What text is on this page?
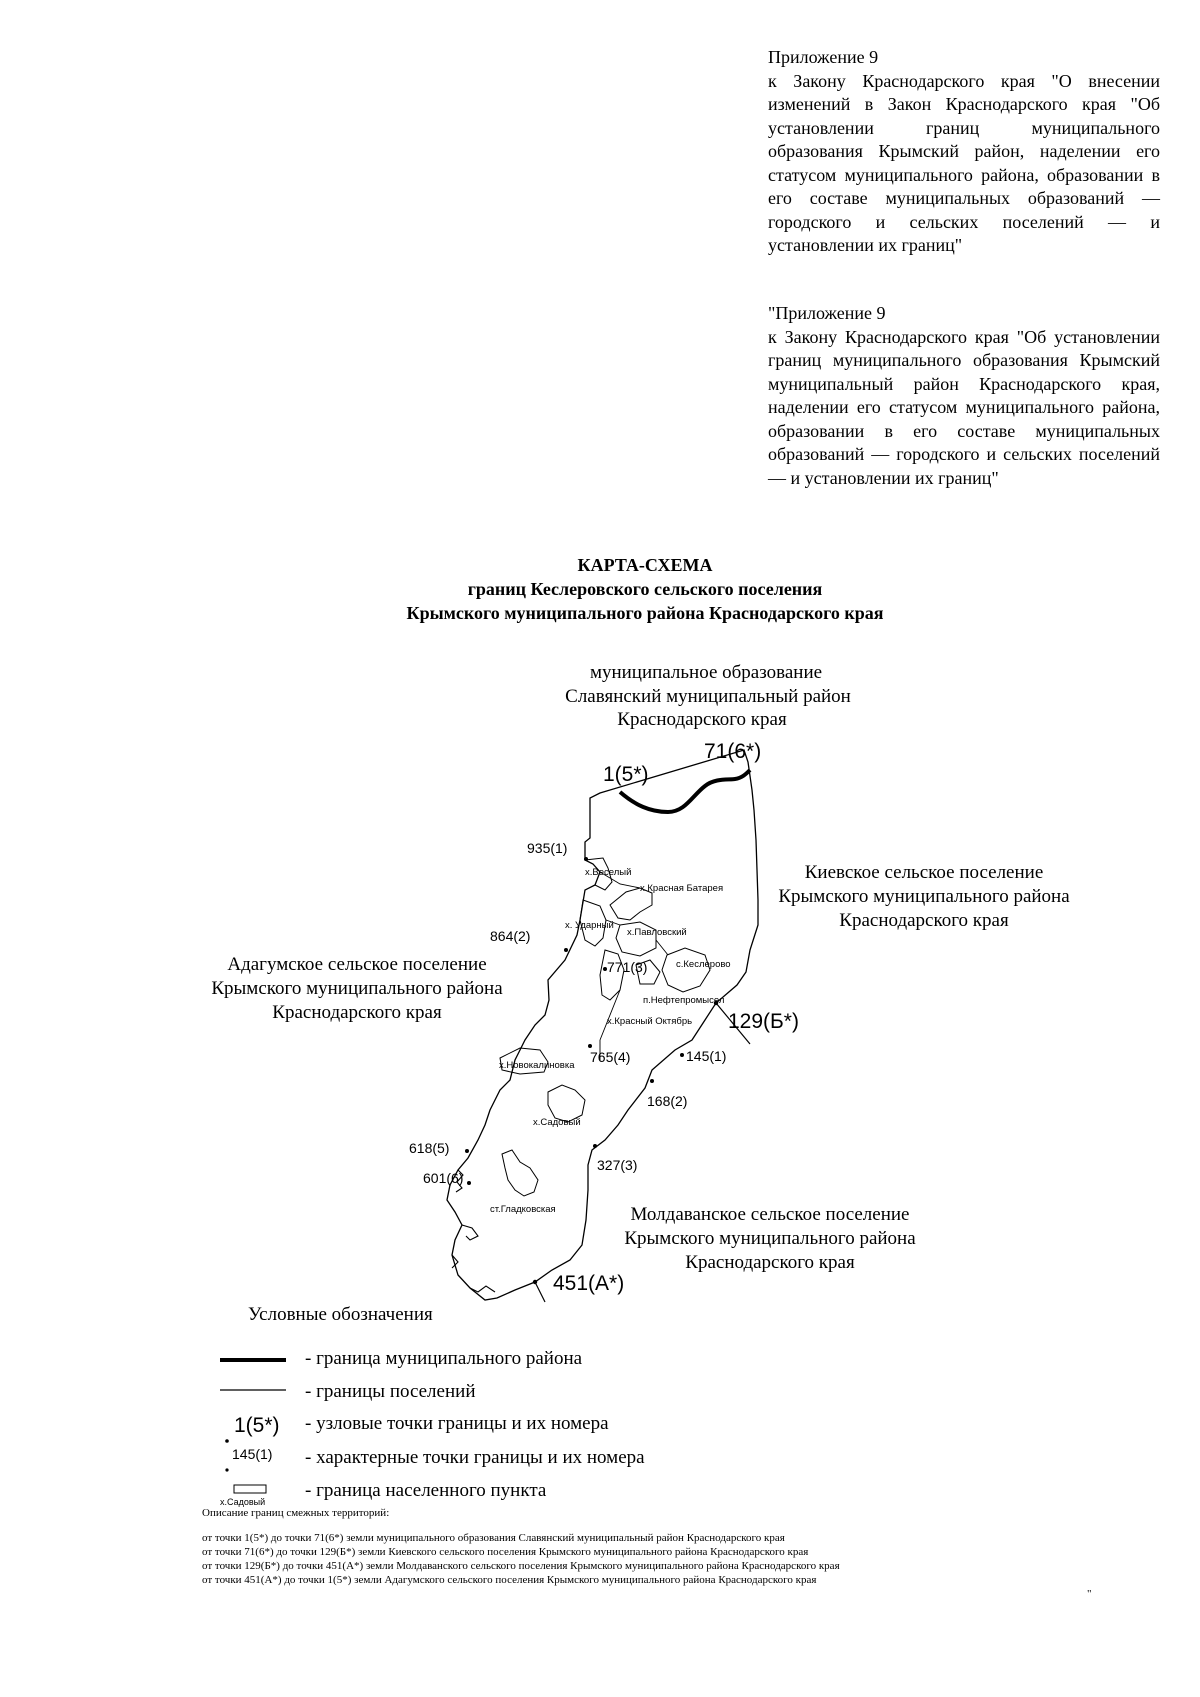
Приложение 9

к Закону Краснодарского края "О внесении изменений в Закон Краснодарского края "Об установлении границ муниципального образования Крымский район, наделении его статусом муниципального района, образовании в его составе муниципальных образований — городского и сельских поселений — и установлении их границ"

"Приложение 9

к Закону Краснодарского края "Об установлении границ муниципального образования Крымский муниципальный район Краснодарского края, наделении его статусом муниципального района, образовании в его составе муниципальных образований — городского и сельских поселений — и установлении их границ"

КАРТА-СХЕМА
границ Кеслеровского сельского поселения
Крымского муниципального района Краснодарского края
муниципальное образование
Славянский муниципальный район
Краснодарского края
Киевское сельское поселение
Крымского муниципального района
Краснодарского края
Адагумское сельское поселение
Крымского муниципального района
Краснодарского края
Молдаванское сельское поселение
Крымского муниципального района
Краснодарского края
1(5*)
71(6*)
129(Б*)
451(А*)
935(1)
864(2)
771(3)
765(4)	145(1)
168(2)
327(3)
618(5)
601(6)
х.Веселый
х.Красная Батарея
х. Ударный
х.Павловский
с.Кеслерово
п.Нефтепромысел
х.Красный Октябрь
х.Новокалиновка
х.Садовый
ст.Гладковская
Условные обозначения
- граница муниципального района
- границы поселений
1(5*) - узловые точки границы и их номера
145(1) - характерные точки границы и их номера
х.Садовый
- граница населенного пункта
Описание границ смежных территорий:
от точки 1(5*) до точки 71(6*) земли муниципального образования Славянский муниципальный район Краснодарского края
от точки 71(6*) до точки 129(Б*) земли Киевского сельского поселения Крымского муниципального района Краснодарского края
от точки 129(Б*) до точки 451(А*) земли Молдаванского сельского поселения Крымского муниципального района Краснодарского края
от точки 451(А*) до точки 1(5*) земли Адагумского сельского поселения Крымского муниципального района Краснодарского края
"
